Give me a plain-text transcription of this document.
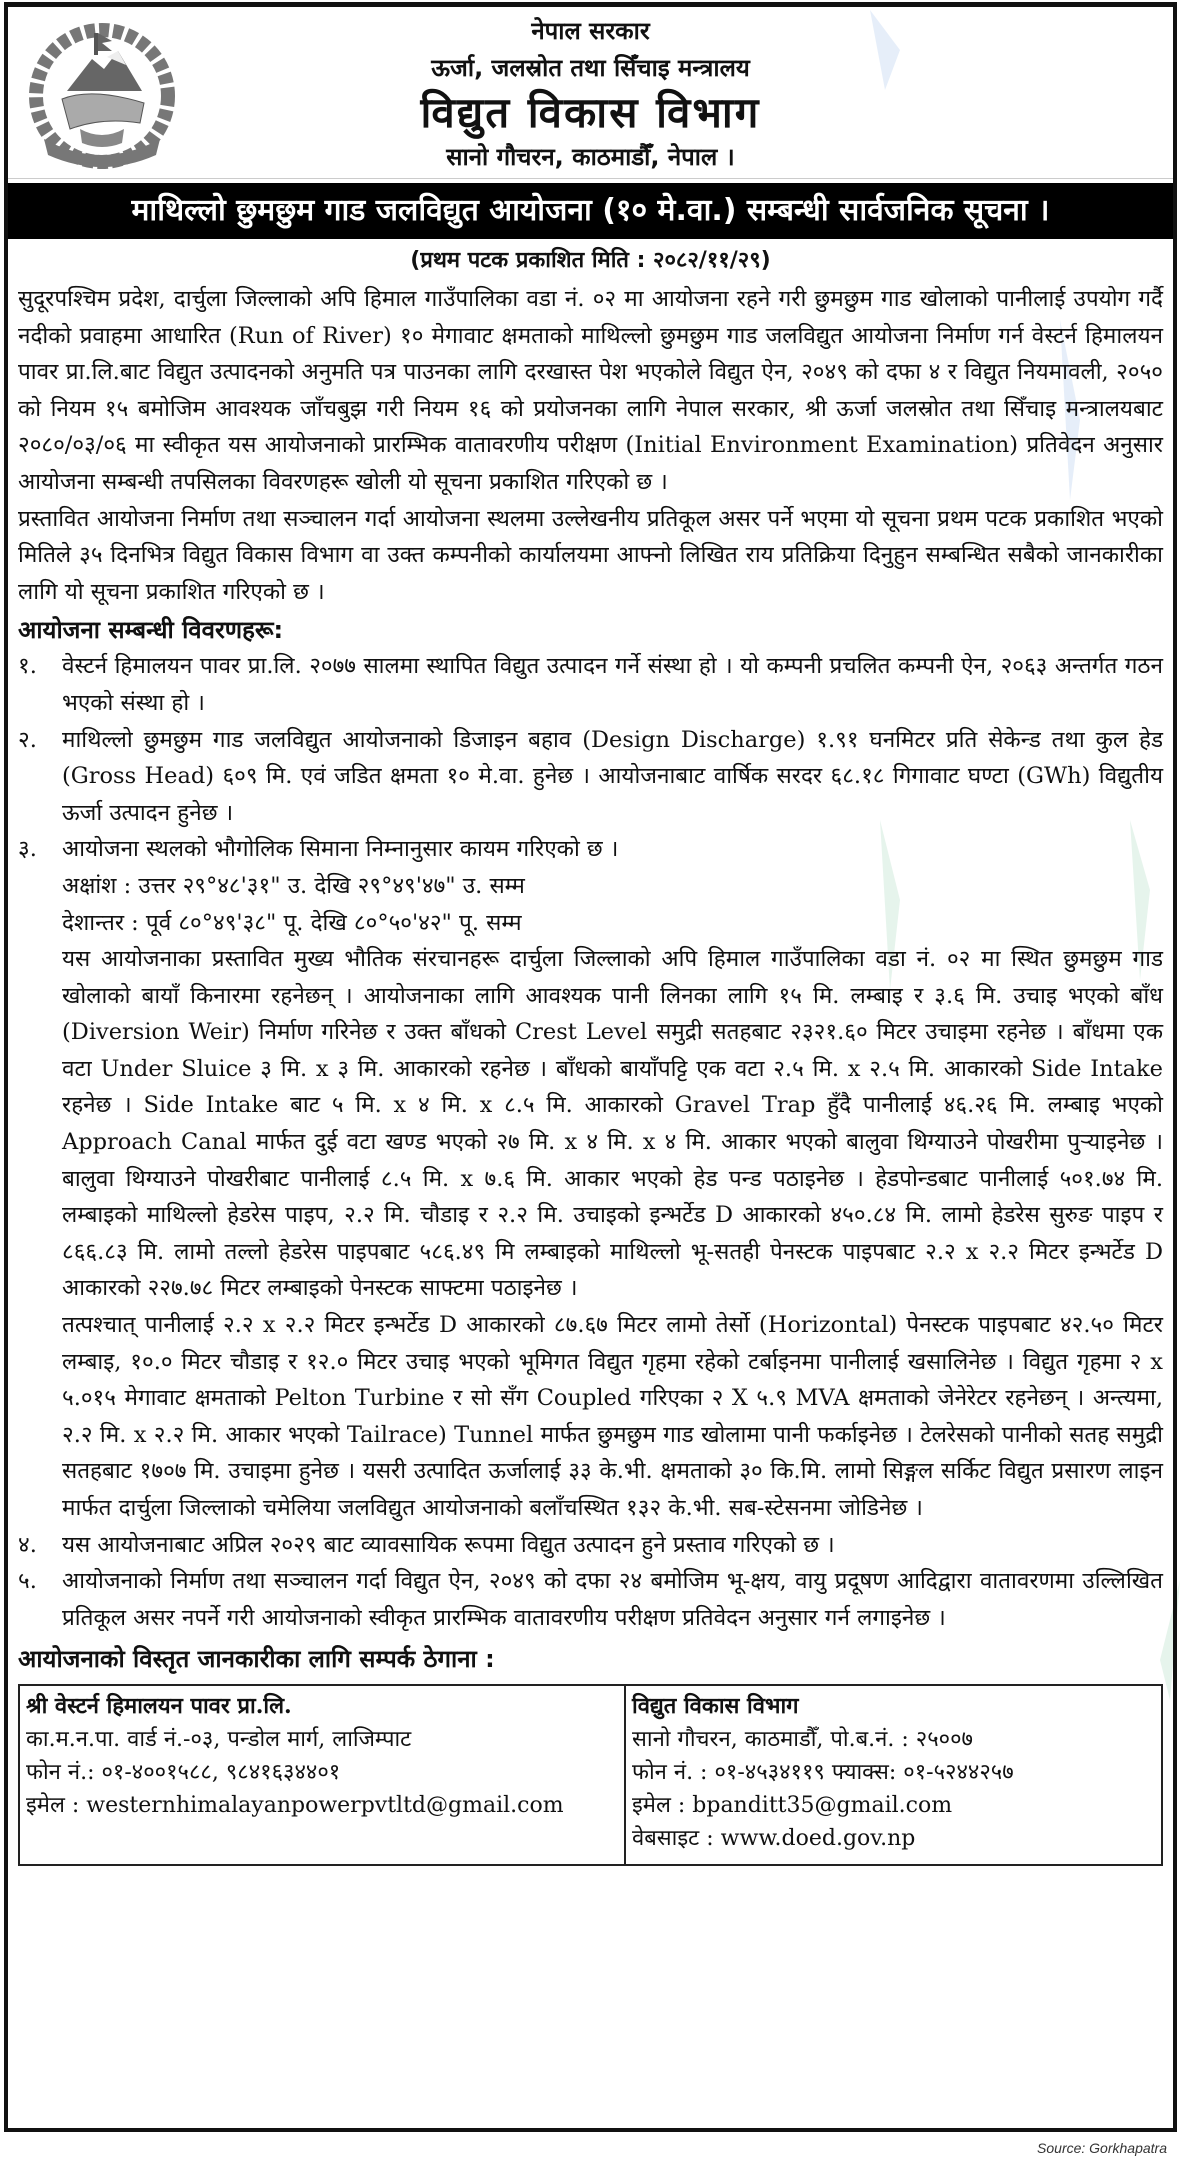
नेपाल सरकार
ऊर्जा, जलस्रोत तथा सिँचाइ मन्त्रालय
विद्युत विकास विभाग
सानो गौचरन, काठमाडौँ, नेपाल ।
माथिल्लो छुमछुम गाड जलविद्युत आयोजना (१० मे.वा.) सम्बन्धी सार्वजनिक सूचना ।
(प्रथम पटक प्रकाशित मिति : २०८२/११/२९)

सुदूरपश्चिम प्रदेश, दार्चुला जिल्लाको अपि हिमाल गाउँपालिका वडा नं. ०२ मा आयोजना रहने गरी छुमछुम गाड खोलाको पानीलाई उपयोग गर्दै नदीको प्रवाहमा आधारित (Run of River) १० मेगावाट क्षमताको माथिल्लो छुमछुम गाड जलविद्युत आयोजना निर्माण गर्न वेस्टर्न हिमालयन पावर प्रा.लि.बाट विद्युत उत्पादनको अनुमति पत्र पाउनका लागि दरखास्त पेश भएकोले विद्युत ऐन, २०४९ को दफा ४ र विद्युत नियमावली, २०५० को नियम १५ बमोजिम आवश्यक जाँचबुझ गरी नियम १६ को प्रयोजनका लागि नेपाल सरकार, श्री ऊर्जा जलस्रोत तथा सिँचाइ मन्त्रालयबाट २०८०/०३/०६ मा स्वीकृत यस आयोजनाको प्रारम्भिक वातावरणीय परीक्षण (Initial Environment Examination) प्रतिवेदन अनुसार आयोजना सम्बन्धी तपसिलका विवरणहरू खोली यो सूचना प्रकाशित गरिएको छ ।

प्रस्तावित आयोजना निर्माण तथा सञ्चालन गर्दा आयोजना स्थलमा उल्लेखनीय प्रतिकूल असर पर्ने भएमा यो सूचना प्रथम पटक प्रकाशित भएको मितिले ३५ दिनभित्र विद्युत विकास विभाग वा उक्त कम्पनीको कार्यालयमा आफ्नो लिखित राय प्रतिक्रिया दिनुहुन सम्बन्धित सबैको जानकारीका लागि यो सूचना प्रकाशित गरिएको छ ।

आयोजना सम्बन्धी विवरणहरू:
१.	वेस्टर्न हिमालयन पावर प्रा.लि. २०७७ सालमा स्थापित विद्युत उत्पादन गर्ने संस्था हो । यो कम्पनी प्रचलित कम्पनी ऐन, २०६३ अन्तर्गत गठन भएको संस्था हो ।
२.	माथिल्लो छुमछुम गाड जलविद्युत आयोजनाको डिजाइन बहाव (Design Discharge) १.९१ घनमिटर प्रति सेकेन्ड तथा कुल हेड (Gross Head) ६०९ मि. एवं जडित क्षमता १० मे.वा. हुनेछ । आयोजनाबाट वार्षिक सरदर ६८.१८ गिगावाट घण्टा (GWh) विद्युतीय ऊर्जा उत्पादन हुनेछ ।
३.	आयोजना स्थलको भौगोलिक सिमाना निम्नानुसार कायम गरिएको छ ।
अक्षांश : उत्तर २९°४८'३१" उ. देखि २९°४९'४७" उ. सम्म
देशान्तर : पूर्व ८०°४९'३८" पू. देखि ८०°५०'४२" पू. सम्म
यस आयोजनाका प्रस्तावित मुख्य भौतिक संरचानहरू दार्चुला जिल्लाको अपि हिमाल गाउँपालिका वडा नं. ०२ मा स्थित छुमछुम गाड खोलाको बायाँ किनारमा रहनेछन् । आयोजनाका लागि आवश्यक पानी लिनका लागि १५ मि. लम्बाइ र ३.६ मि. उचाइ भएको बाँध (Diversion Weir) निर्माण गरिनेछ र उक्त बाँधको Crest Level समुद्री सतहबाट २३२१.६० मिटर उचाइमा रहनेछ । बाँधमा एक वटा Under Sluice ३ मि. x ३ मि. आकारको रहनेछ । बाँधको बायाँपट्टि एक वटा २.५ मि. x २.५ मि. आकारको Side Intake रहनेछ । Side Intake बाट ५ मि. x ४ मि. x ८.५ मि. आकारको Gravel Trap हुँदै पानीलाई ४६.२६ मि. लम्बाइ भएको Approach Canal मार्फत दुई वटा खण्ड भएको २७ मि. x ४ मि. x ४ मि. आकार भएको बालुवा थिग्याउने पोखरीमा पुऱ्याइनेछ । बालुवा थिग्याउने पोखरीबाट पानीलाई ८.५ मि. x ७.६ मि. आकार भएको हेड पन्ड पठाइनेछ । हेडपोन्डबाट पानीलाई ५०१.७४ मि. लम्बाइको माथिल्लो हेडरेस पाइप, २.२ मि. चौडाइ र २.२ मि. उचाइको इन्भर्टेड D आकारको ४५०.८४ मि. लामो हेडरेस सुरुङ पाइप र ८६६.८३ मि. लामो तल्लो हेडरेस पाइपबाट ५८६.४९ मि लम्बाइको माथिल्लो भू-सतही पेनस्टक पाइपबाट २.२ x २.२ मिटर इन्भर्टेड D आकारको २२७.७८ मिटर लम्बाइको पेनस्टक साफ्टमा पठाइनेछ ।
तत्पश्चात् पानीलाई २.२ x २.२ मिटर इन्भर्टेड D आकारको ८७.६७ मिटर लामो तेर्सो (Horizontal) पेनस्टक पाइपबाट ४२.५० मिटर लम्बाइ, १०.० मिटर चौडाइ र १२.० मिटर उचाइ भएको भूमिगत विद्युत गृहमा रहेको टर्बाइनमा पानीलाई खसालिनेछ । विद्युत गृहमा २ x ५.०१५ मेगावाट क्षमताको Pelton Turbine र सो सँग Coupled गरिएका २ X ५.९ MVA क्षमताको जेनेरेटर रहनेछन् । अन्त्यमा, २.२ मि. x २.२ मि. आकार भएको Tailrace) Tunnel मार्फत छुमछुम गाड खोलामा पानी फर्काइनेछ । टेलरेसको पानीको सतह समुद्री सतहबाट १७०७ मि. उचाइमा हुनेछ । यसरी उत्पादित ऊर्जालाई ३३ के.भी. क्षमताको ३० कि.मि. लामो सिङ्गल सर्किट विद्युत प्रसारण लाइन मार्फत दार्चुला जिल्लाको चमेलिया जलविद्युत आयोजनाको बलाँचस्थित १३२ के.भी. सब-स्टेसनमा जोडिनेछ ।
४.	यस आयोजनाबाट अप्रिल २०२९ बाट व्यावसायिक रूपमा विद्युत उत्पादन हुने प्रस्ताव गरिएको छ ।
५.	आयोजनाको निर्माण तथा सञ्चालन गर्दा विद्युत ऐन, २०४९ को दफा २४ बमोजिम भू-क्षय, वायु प्रदूषण आदिद्वारा वातावरणमा उल्लिखित प्रतिकूल असर नपर्ने गरी आयोजनाको स्वीकृत प्रारम्भिक वातावरणीय परीक्षण प्रतिवेदन अनुसार गर्न लगाइनेछ ।
आयोजनाको विस्तृत जानकारीका लागि सम्पर्क ठेगाना :
श्री वेस्टर्न हिमालयन पावर प्रा.लि.
का.म.न.पा. वार्ड नं.-०३, पन्डोल मार्ग, लाजिम्पाट
फोन नं.: ०१-४००१५८८, ९८४१६३४४०१
इमेल : westernhimalayanpowerpvtltd@gmail.com
विद्युत विकास विभाग
सानो गौचरन, काठमाडौँ, पो.ब.नं. : २५००७
फोन नं. : ०१-४५३४११९ फ्याक्स: ०१-५२४४२५७
इमेल : bpanditt35@gmail.com
वेबसाइट : www.doed.gov.np
Source: Gorkhapatra
